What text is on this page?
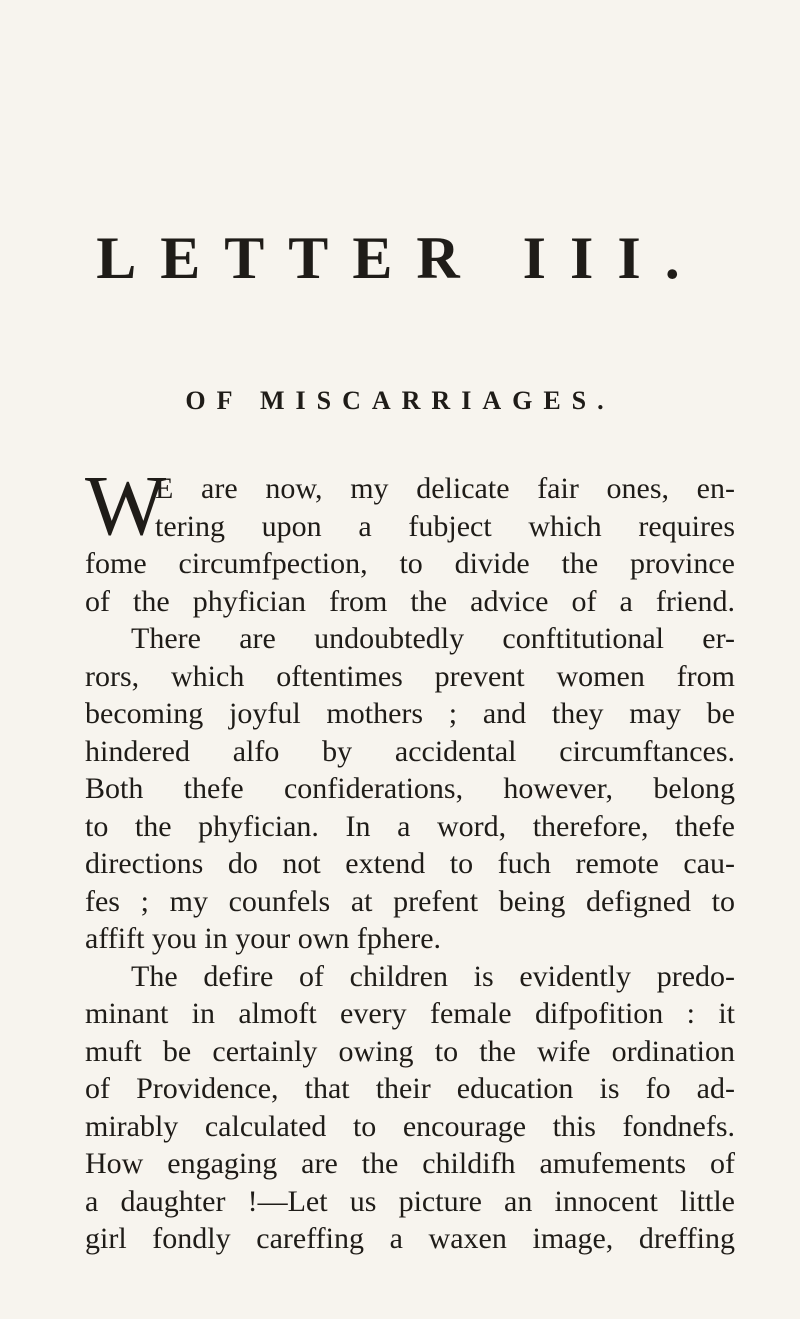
LETTER III.
OF MISCARRIAGES.
W
E are now, my delicate fair ones, en-
tering upon a fubject which requires
fome circumfpection, to divide the province
of the phyfician from the advice of a friend.
There are undoubtedly conftitutional er-
rors, which oftentimes prevent women from
becoming joyful mothers ; and they may be
hindered alfo by accidental circumftances.
Both thefe confiderations, however, belong
to the phyfician. In a word, therefore, thefe
directions do not extend to fuch remote cau-
fes ; my counfels at prefent being defigned to
affift you in your own fphere.
The defire of children is evidently predo-
minant in almoft every female difpofition : it
muft be certainly owing to the wife ordination
of Providence, that their education is fo ad-
mirably calculated to encourage this fondnefs.
How engaging are the childifh amufements of
a daughter !—Let us picture an innocent little
girl fondly careffing a waxen image, dreffing
